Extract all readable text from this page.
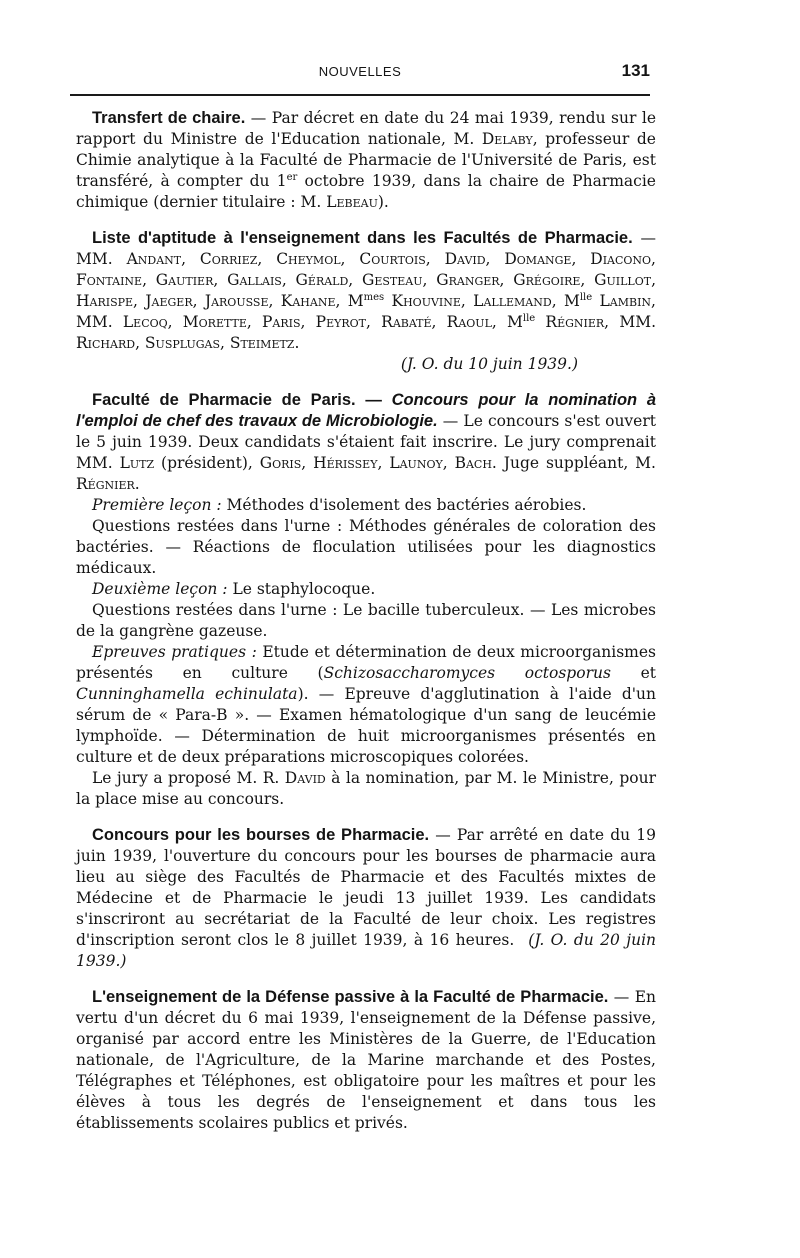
NOUVELLES	131

Transfert de chaire. — Par décret en date du 24 mai 1939, rendu sur le rapport du Ministre de l'Education nationale, M. Delaby, professeur de Chimie analytique à la Faculté de Pharmacie de l'Université de Paris, est transféré, à compter du 1er octobre 1939, dans la chaire de Pharmacie chimique (dernier titulaire : M. Lebeau).

Liste d'aptitude à l'enseignement dans les Facultés de Pharmacie. — MM. Andant, Corriez, Cheymol, Courtois, David, Domange, Diacono, Fontaine, Gautier, Gallais, Gérald, Gesteau, Granger, Grégoire, Guillot, Harispe, Jaeger, Jarousse, Kahane, $M^{mes}$ Khouvine, Lallemand, $M^{lle}$ Lambin, MM. Lecoq, Morette, Paris, Peyrot, Rabaté, Raoul, $M^{lle}$ Régnier, MM. Richard, Susplugas, Steimetz.

(J. O. du 10 juin 1939.)

Faculté de Pharmacie de Paris. — Concours pour la nomination à l'emploi de chef des travaux de Microbiologie. — Le concours s'est ouvert le 5 juin 1939. Deux candidats s'étaient fait inscrire. Le jury comprenait MM. Lutz (président), Goris, Hérissey, Launoy, Bach. Juge suppléant, M. Régnier.

Première leçon : Méthodes d'isolement des bactéries aérobies.

Questions restées dans l'urne : Méthodes générales de coloration des bactéries. — Réactions de floculation utilisées pour les diagnostics médicaux.

Deuxième leçon : Le staphylocoque.

Questions restées dans l'urne : Le bacille tuberculeux. — Les microbes de la gangrène gazeuse.

Epreuves pratiques : Etude et détermination de deux microorganismes présentés en culture (Schizosaccharomyces octosporus et Cunninghamella echinulata). — Epreuve d'agglutination à l'aide d'un sérum de « Para-B ». — Examen hématologique d'un sang de leucémie lymphoïde. — Détermination de huit microorganismes présentés en culture et de deux préparations microscopiques colorées.

Le jury a proposé M. R. David à la nomination, par M. le Ministre, pour la place mise au concours.

Concours pour les bourses de Pharmacie. — Par arrêté en date du 19 juin 1939, l'ouverture du concours pour les bourses de pharmacie aura lieu au siège des Facultés de Pharmacie et des Facultés mixtes de Médecine et de Pharmacie le jeudi 13 juillet 1939. Les candidats s'inscriront au secrétariat de la Faculté de leur choix. Les registres d'inscription seront clos le 8 juillet 1939, à 16 heures. (J. O. du 20 juin 1939.)

L'enseignement de la Défense passive à la Faculté de Pharmacie. — En vertu d'un décret du 6 mai 1939, l'enseignement de la Défense passive, organisé par accord entre les Ministères de la Guerre, de l'Education nationale, de l'Agriculture, de la Marine marchande et des Postes, Télégraphes et Téléphones, est obligatoire pour les maîtres et pour les élèves à tous les degrés de l'enseignement et dans tous les établissements scolaires publics et privés.
